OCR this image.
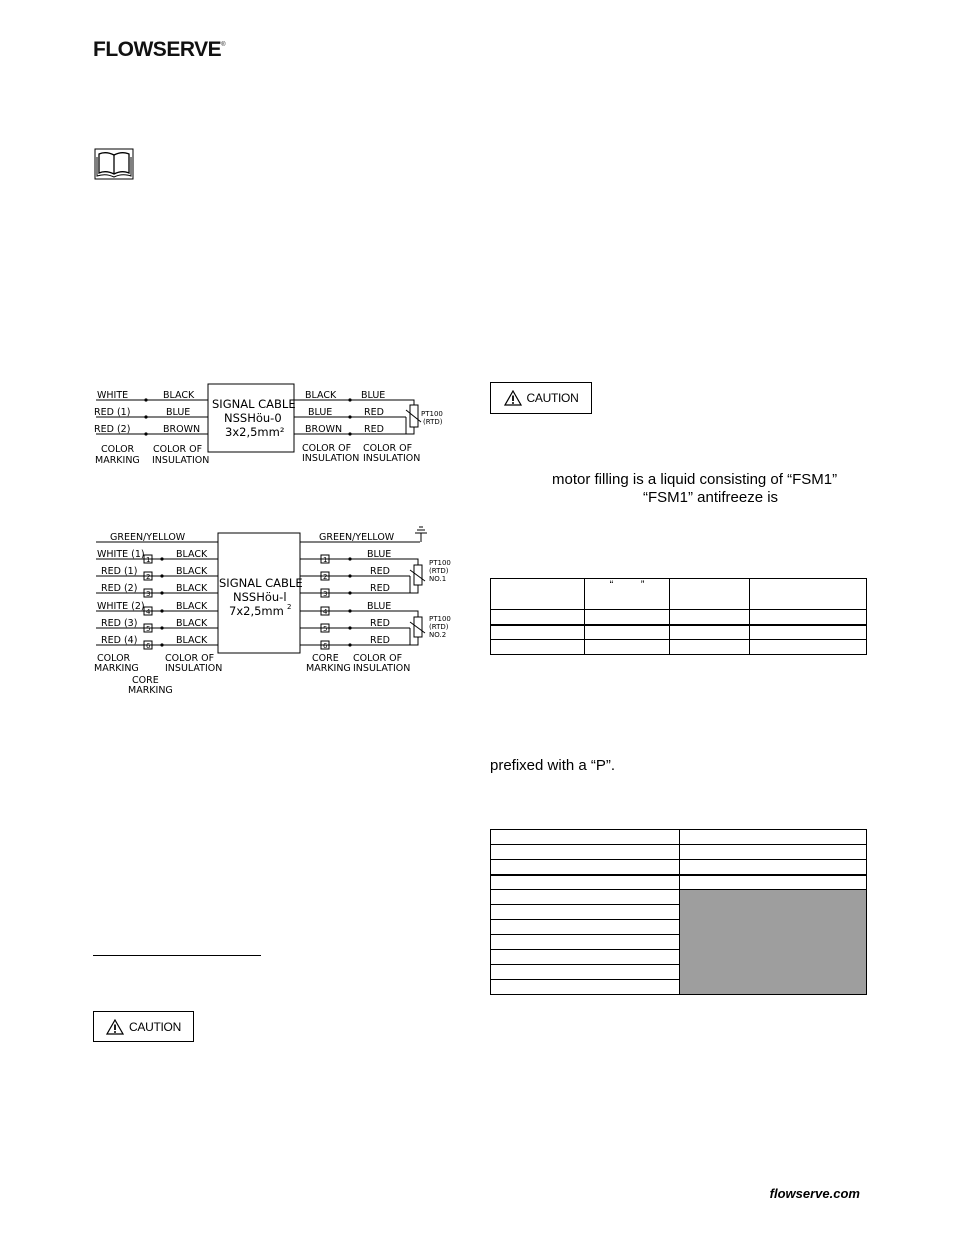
FLOWSERVE®
WHITE
RED (1)
RED (2)
BLACK
BLUE
BROWN
SIGNAL CABLE
NSSHöu-0
3x2,5mm²
BLACK
BLUE
BROWN
BLUE
RED
RED
PT100
(RTD)
COLOR
MARKING
COLOR OF
INSULATION
COLOR OF
INSULATION
COLOR OF
INSULATION
GREEN/YELLOW	GREEN/YELLOW
WHITE (1)
RED (1)
RED (2)
WHITE (2)
RED (3)
RED (4)
1
2
3
4
5
6
BLACK
BLACK
BLACK
BLACK
BLACK
BLACK
SIGNAL CABLE
NSSHöu-l
7x2,5mm 2
1
2
3
4
5
6
BLUE
RED
RED
BLUE
RED
RED
PT100
(RTD)
NO.1
PT100
(RTD)
NO.2
COLOR
MARKING
CORE
MARKING
COLOR OF
INSULATION
CORE
MARKING
COLOR OF
INSULATION
CAUTION
CAUTION
motor filling is a liquid consisting of “FSM1”
“FSM1” antifreeze is
	“ ”		

prefixed with a “P”.

flowserve.com
